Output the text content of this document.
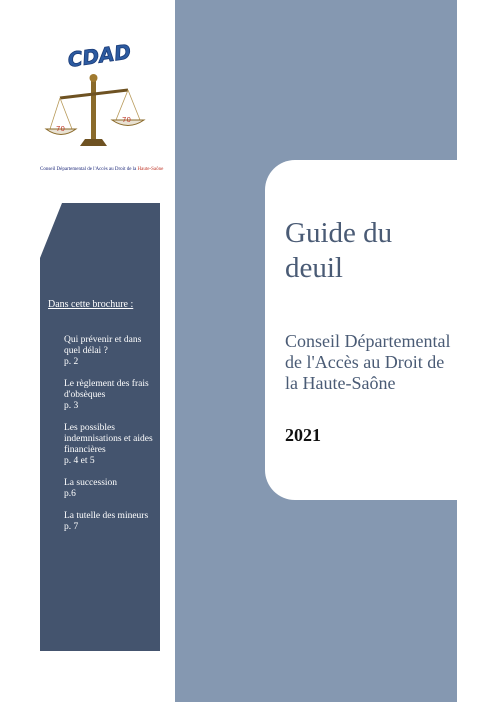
CDAD
70
70
Conseil Départemental de l'Accès au Droit de la Haute-Saône

Dans cette brochure :

Qui prévenir et dans quel délai ?
p. 2
Le règlement des frais d'obsèques
p. 3
Les possibles indemnisations et aides financières
p. 4 et 5
La succession
p.6
La tutelle des mineurs
p. 7
Guide du deuil

Conseil Départemental de l'Accès au Droit de la Haute-Saône

2021
